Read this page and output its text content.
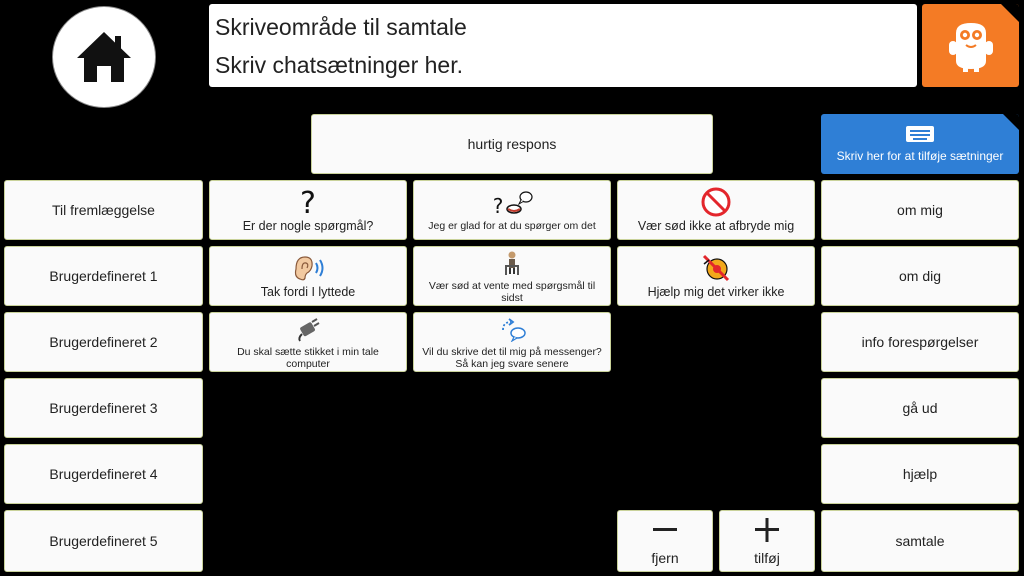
Skriveområde til samtale
Skriv chatsætninger her.
hurtig respons
Skriv her for at tilføje sætninger
Til fremlæggelse
Brugerdefineret 1
Brugerdefineret 2
Brugerdefineret 3
Brugerdefineret 4
Brugerdefineret 5
om mig
om dig
info forespørgelser
gå ud
hjælp
samtale
?
Er der nogle spørgmål?
?
Jeg er glad for at du spørger om det	Vær sød ikke at afbryde mig
Tak fordi I lyttede	Vær sød at vente med spørgsmål til sidst	Hjælp mig det virker ikke
Du skal sætte stikket i min tale computer
Vil du skrive det til mig på messenger? Så kan jeg svare senere
fjern	tilføj
